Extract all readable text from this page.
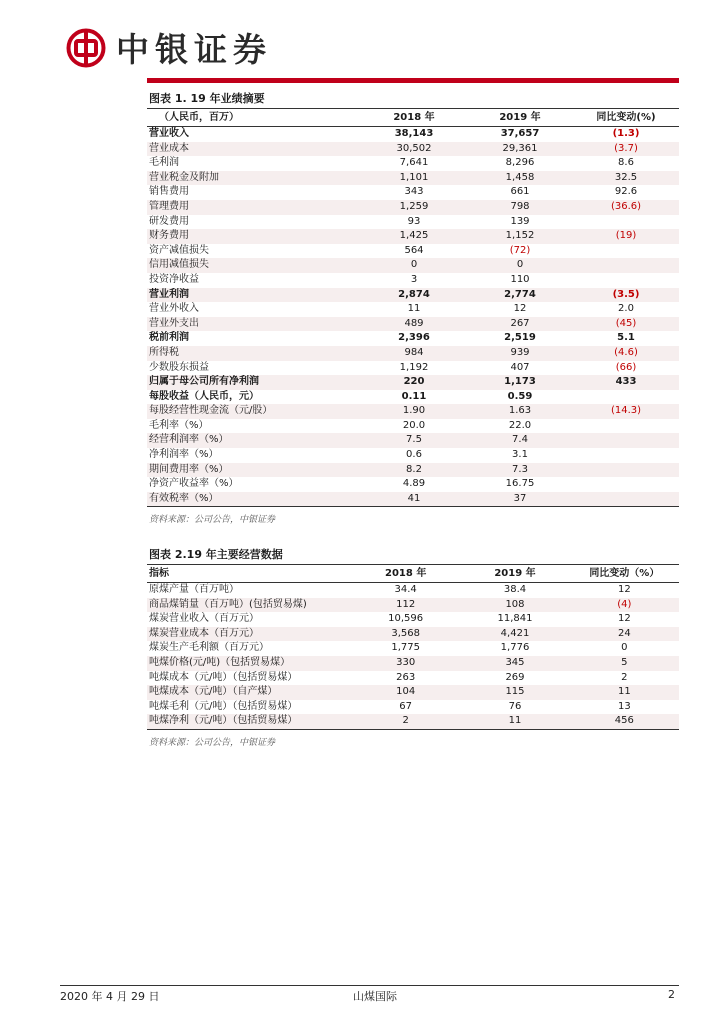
中银证券
图表 1. 19 年业绩摘要
（人民币，百万）	2018 年	2019 年	同比变动(%)
营业收入	38,143	37,657	(1.3)
营业成本	30,502	29,361	(3.7)
毛利润	7,641	8,296	8.6
营业税金及附加	1,101	1,458	32.5
销售费用	343	661	92.6
管理费用	1,259	798	(36.6)
研发费用	93	139	
财务费用	1,425	1,152	(19)
资产减值损失	564	(72)	
信用减值损失	0	0	
投资净收益	3	110	
营业利润	2,874	2,774	(3.5)
营业外收入	11	12	2.0
营业外支出	489	267	(45)
税前利润	2,396	2,519	5.1
所得税	984	939	(4.6)
少数股东损益	1,192	407	(66)
归属于母公司所有净利润	220	1,173	433
每股收益（人民币，元）	0.11	0.59	
每股经营性现金流（元/股）	1.90	1.63	(14.3)
毛利率（%）	20.0	22.0	
经营利润率（%）	7.5	7.4	
净利润率（%）	0.6	3.1	
期间费用率（%）	8.2	7.3	
净资产收益率（%）	4.89	16.75	
有效税率（%）	41	37	
资料来源：公司公告，中银证券
图表 2.19 年主要经营数据
指标	2018 年	2019 年	同比变动（%）
原煤产量（百万吨）	34.4	38.4	12
商品煤销量（百万吨）(包括贸易煤)	112	108	(4)
煤炭营业收入（百万元）	10,596	11,841	12
煤炭营业成本（百万元）	3,568	4,421	24
煤炭生产毛利额（百万元）	1,775	1,776	0
吨煤价格(元/吨)（包括贸易煤）	330	345	5
吨煤成本（元/吨）（包括贸易煤）	263	269	2
吨煤成本（元/吨）（自产煤）	104	115	11
吨煤毛利（元/吨）（包括贸易煤）	67	76	13
吨煤净利（元/吨）（包括贸易煤）	2	11	456
资料来源：公司公告，中银证券
2020 年 4 月 29 日	山煤国际	2
